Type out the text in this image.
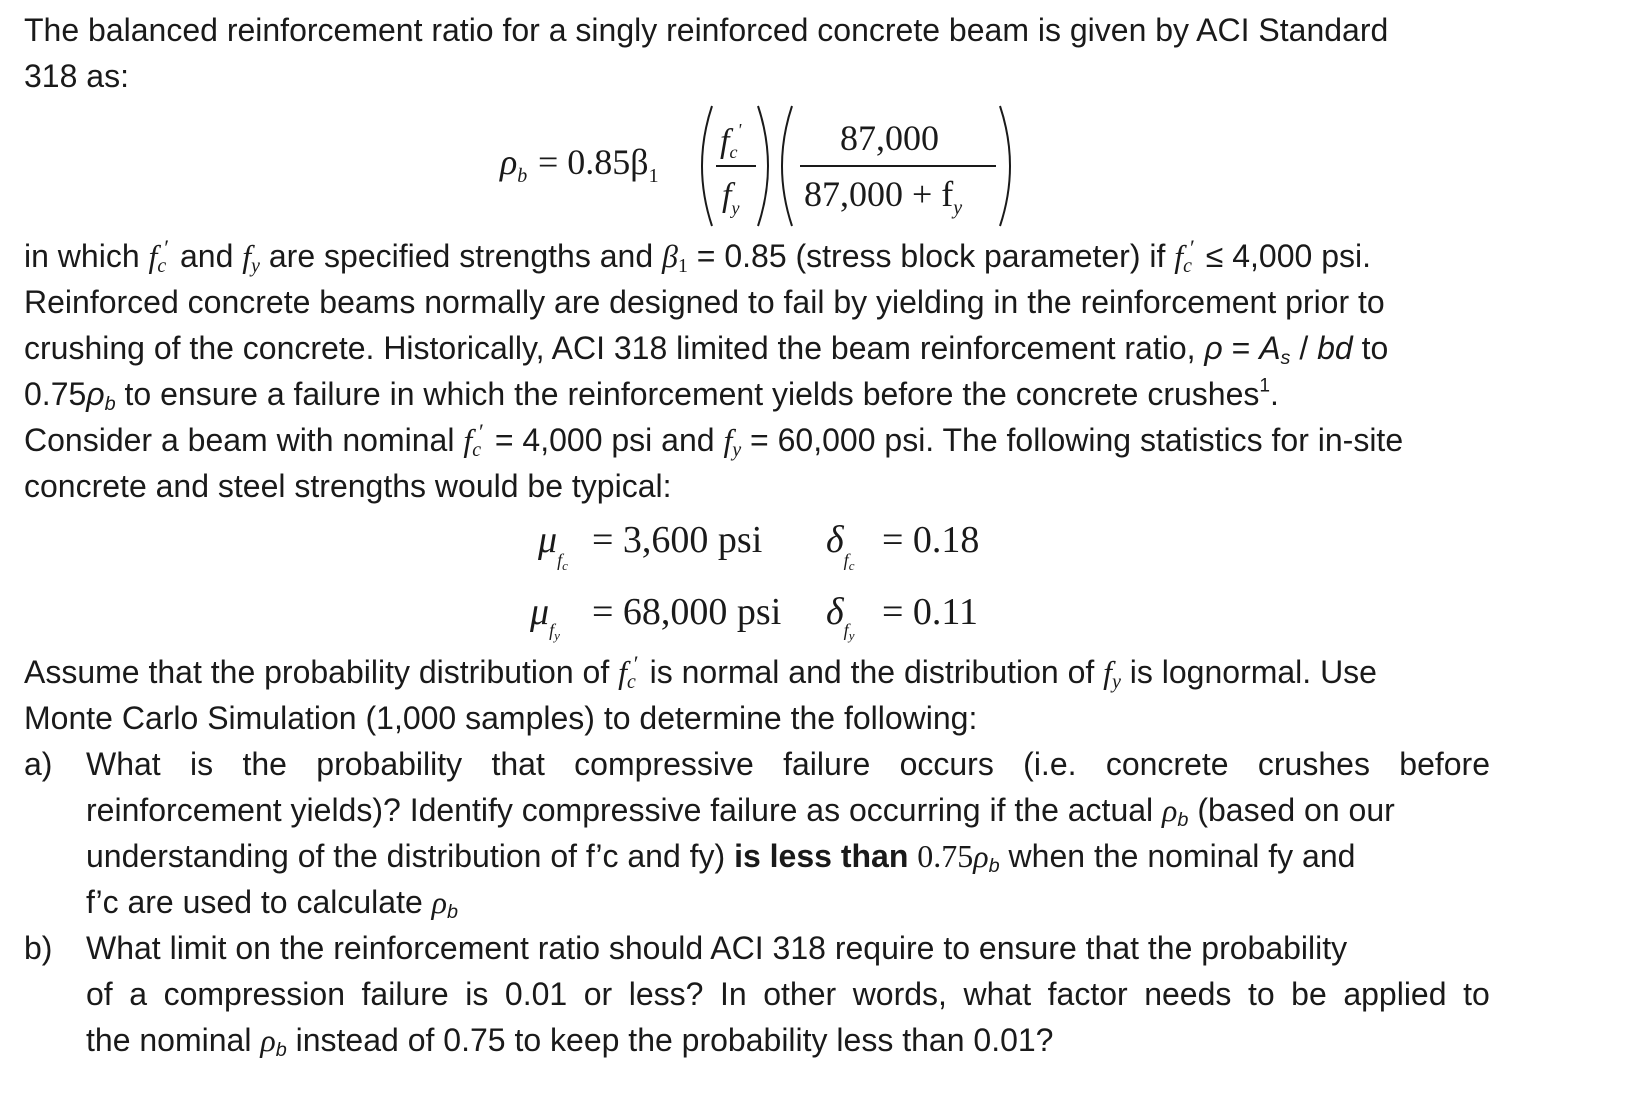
The balanced reinforcement ratio for a singly reinforced concrete beam is given by ACI Standard
318 as:
$\rho_b = 0.85\beta_1$
fc'
$f_y$
87,000
$87,000 + f_y$
in which $f_c'$ and $f_y$ are specified strengths and $\beta_1 = 0.85$ (stress block parameter) if $f_c' \le 4,000$ psi.
Reinforced concrete beams normally are designed to fail by yielding in the reinforcement prior to
crushing of the concrete. Historically, ACI 318 limited the beam reinforcement ratio, $\rho = A_s$ / bd to
$0.75\rho_b$ to ensure a failure in which the reinforcement yields before the concrete crushes$^1$.
Consider a beam with nominal $f_c' = 4,000$ psi and $f_y = 60,000$ psi. The following statistics for in-site
concrete and steel strengths would be typical:
$\mu_fc$
= 3,600 psi $\delta_fc$
= 0.18
$\mu_fy$
= 68,000 psi $\delta_fy$
= 0.11
Assume that the probability distribution of $f_c'$ is normal and the distribution of $f_y$ is lognormal. Use
Monte Carlo Simulation (1,000 samples) to determine the following:
a) What is the probability that compressive failure occurs (i.e. concrete crushes before
reinforcement yields)? Identify compressive failure as occurring if the actual $\rho_b$ (based on our
understanding of the distribution of f’c and fy) is less than $0.75\rho_b$ when the nominal fy and
f’c are used to calculate $\rho_b$
b) What limit on the reinforcement ratio should ACI 318 require to ensure that the probability
of a compression failure is 0.01 or less? In other words, what factor needs to be applied to
the nominal $\rho_b$ instead of 0.75 to keep the probability less than 0.01?
